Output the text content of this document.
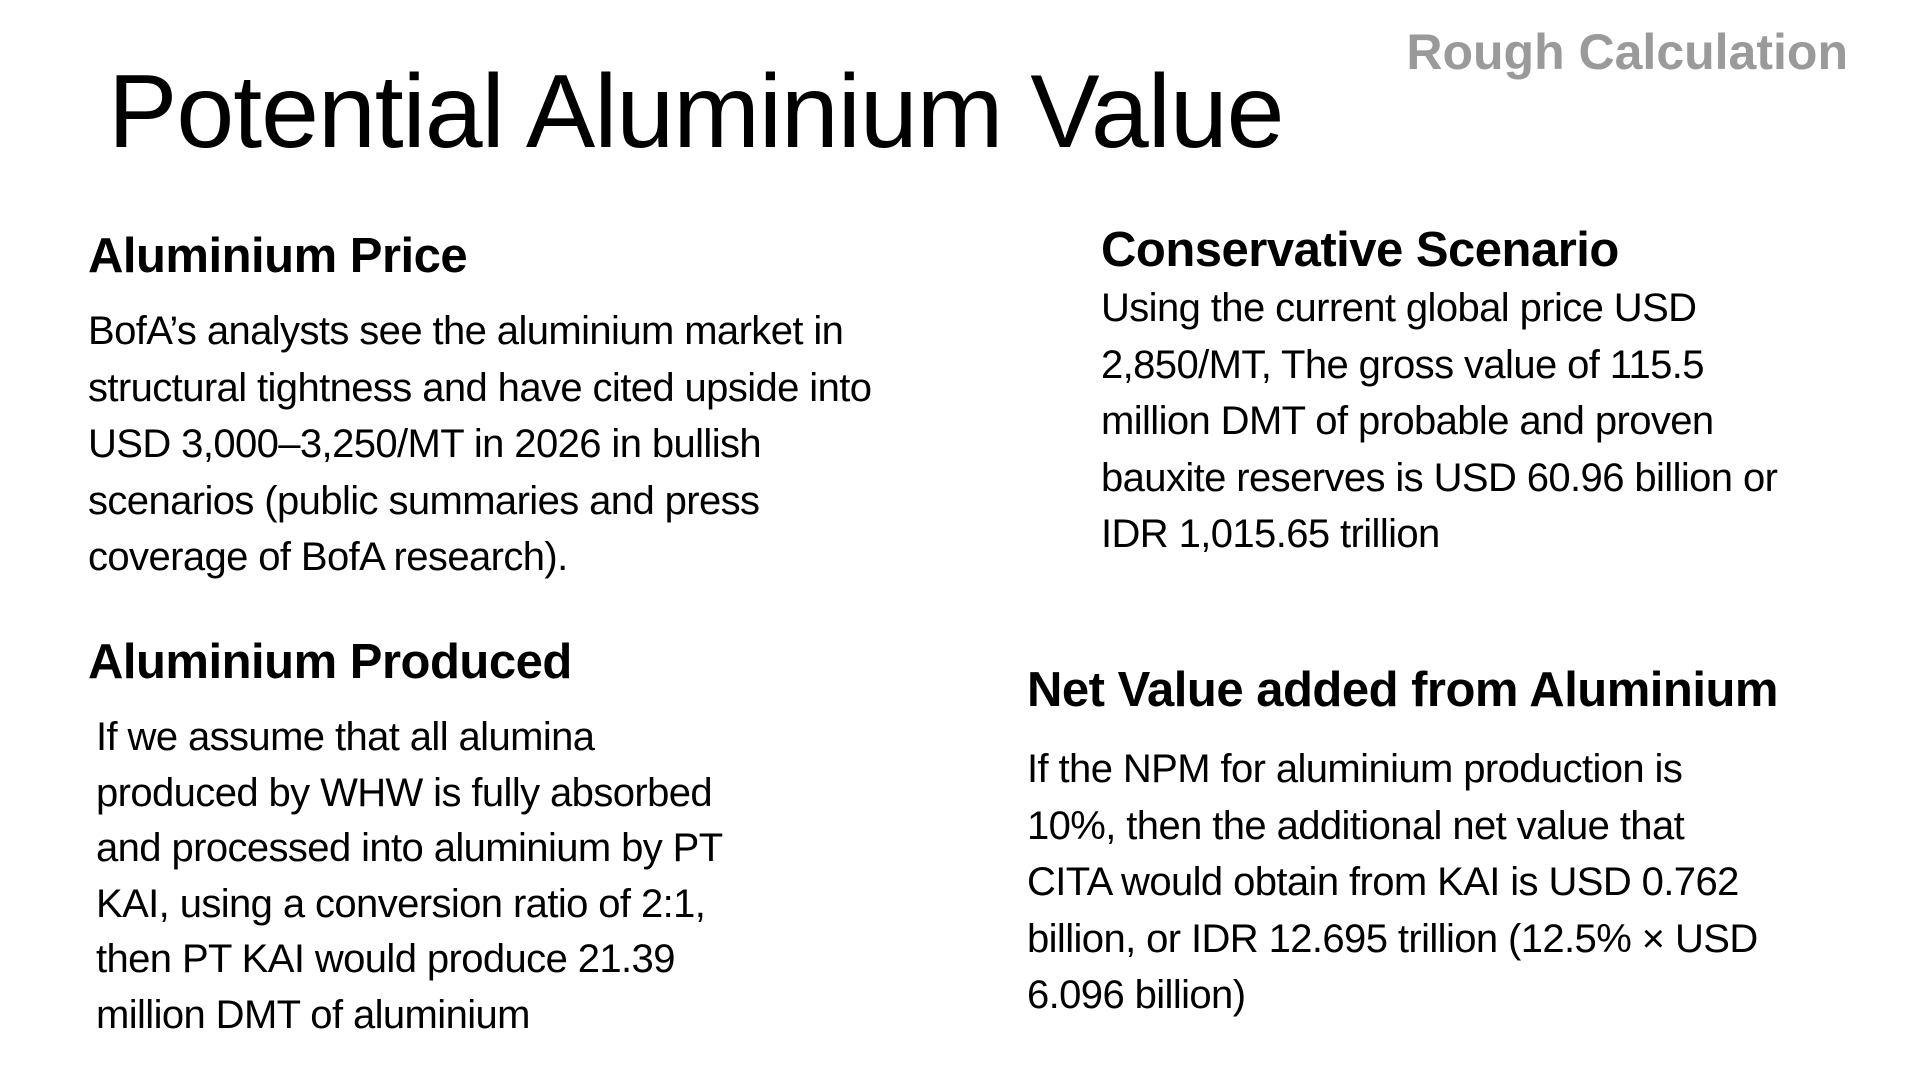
Potential Aluminium Value
Rough Calculation
Aluminium Price
BofA’s analysts see the aluminium market in
structural tightness and have cited upside into
USD 3,000–3,250/MT in 2026 in bullish
scenarios (public summaries and press
coverage of BofA research).
Aluminium Produced
If we assume that all alumina
produced by WHW is fully absorbed
and processed into aluminium by PT
KAI, using a conversion ratio of 2:1,
then PT KAI would produce 21.39
million DMT of aluminium
Conservative Scenario
Using the current global price USD
2,850/MT, The gross value of 115.5
million DMT of probable and proven
bauxite reserves is USD 60.96 billion or
IDR 1,015.65 trillion
Net Value added from Aluminium
If the NPM for aluminium production is
10%, then the additional net value that
CITA would obtain from KAI is USD 0.762
billion, or IDR 12.695 trillion (12.5% × USD
6.096 billion)
